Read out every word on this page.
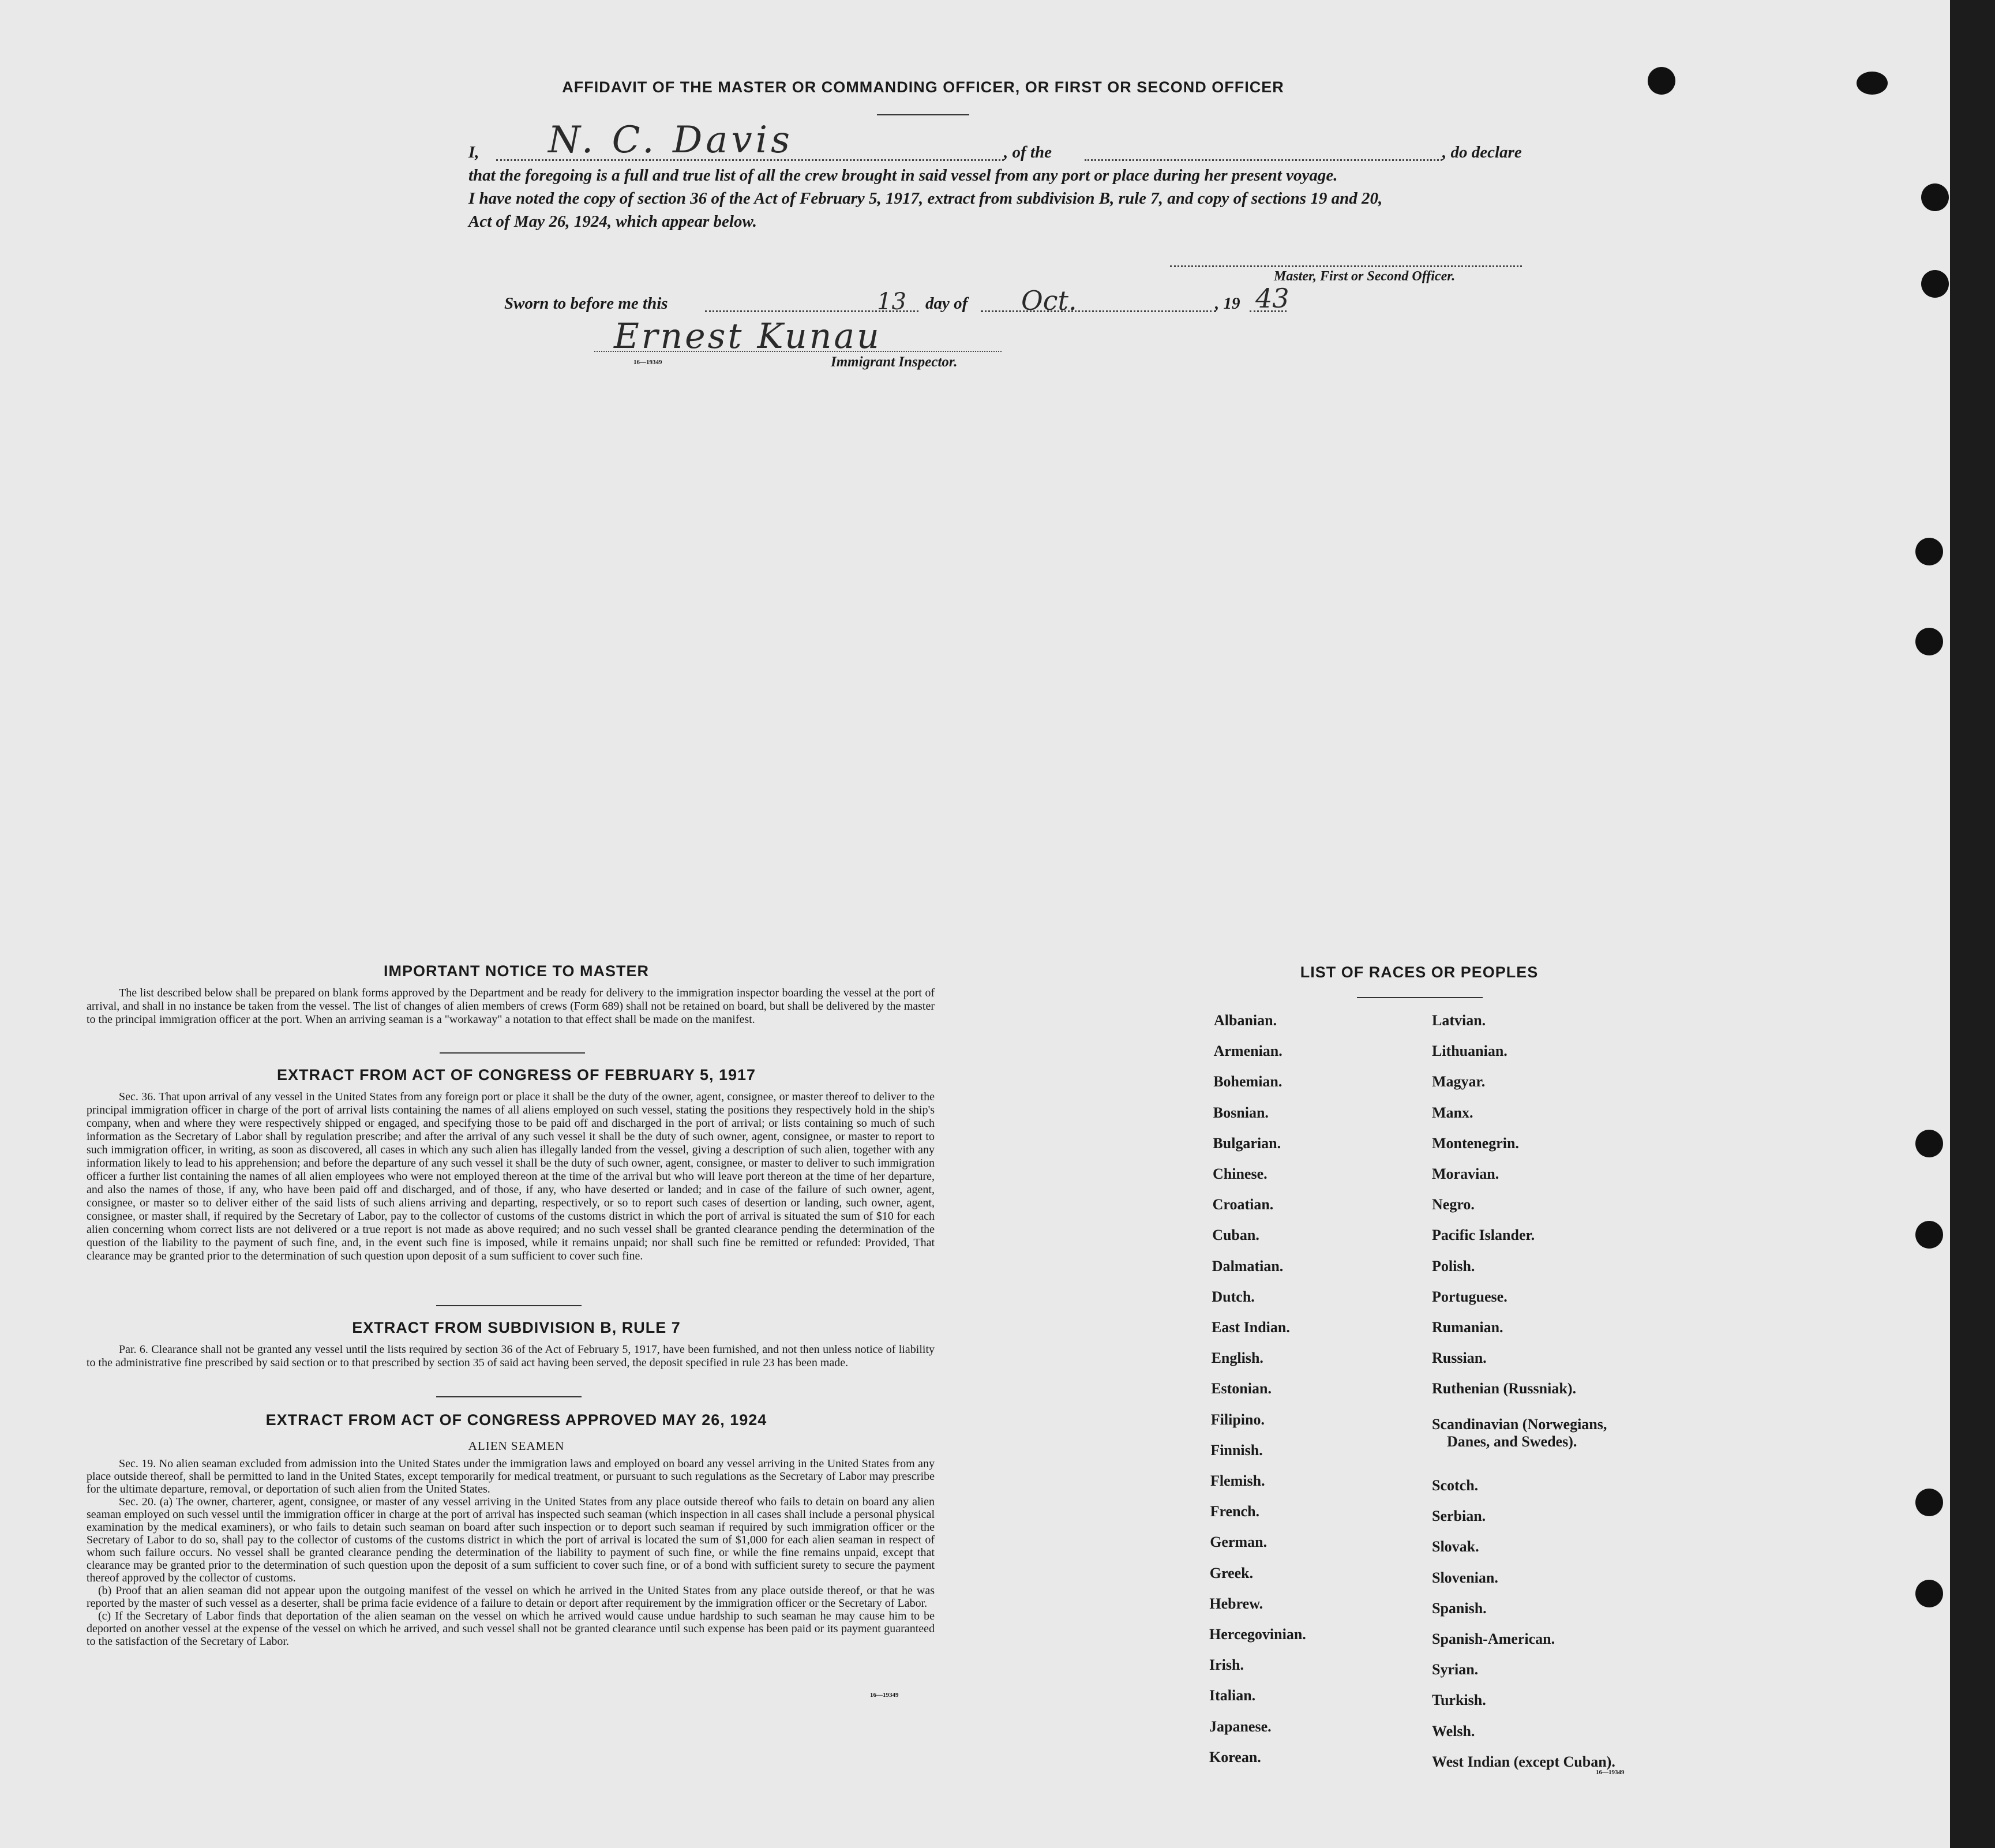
AFFIDAVIT OF THE MASTER OR COMMANDING OFFICER, OR FIRST OR SECOND OFFICER
I, N. C. Davis	, of the	, do declare
that the foregoing is a full and true list of all the crew brought in said vessel from any port or place during her present voyage.
I have noted the copy of section 36 of the Act of February 5, 1917, extract from subdivision B, rule 7, and copy of sections 19 and 20,
Act of May 26, 1924, which appear below.
Master, First or Second Officer.
Sworn to before me this	13 day of Oct.	, 19 43
Ernest Kunau
16—19349	Immigrant Inspector.
IMPORTANT NOTICE TO MASTER

The list described below shall be prepared on blank forms approved by the Department and be ready for delivery to the immigration inspector boarding the vessel at the port of arrival, and shall in no instance be taken from the vessel. The list of changes of alien members of crews (Form 689) shall not be retained on board, but shall be delivered by the master to the principal immigration officer at the port. When an arriving seaman is a "workaway" a notation to that effect shall be made on the manifest.

EXTRACT FROM ACT OF CONGRESS OF FEBRUARY 5, 1917

Sec. 36. That upon arrival of any vessel in the United States from any foreign port or place it shall be the duty of the owner, agent, consignee, or master thereof to deliver to the principal immigration officer in charge of the port of arrival lists containing the names of all aliens employed on such vessel, stating the positions they respectively hold in the ship's company, when and where they were respectively shipped or engaged, and specifying those to be paid off and discharged in the port of arrival; or lists containing so much of such information as the Secretary of Labor shall by regulation prescribe; and after the arrival of any such vessel it shall be the duty of such owner, agent, consignee, or master to report to such immigration officer, in writing, as soon as discovered, all cases in which any such alien has illegally landed from the vessel, giving a description of such alien, together with any information likely to lead to his apprehension; and before the departure of any such vessel it shall be the duty of such owner, agent, consignee, or master to deliver to such immigration officer a further list containing the names of all alien employees who were not employed thereon at the time of the arrival but who will leave port thereon at the time of her departure, and also the names of those, if any, who have been paid off and discharged, and of those, if any, who have deserted or landed; and in case of the failure of such owner, agent, consignee, or master so to deliver either of the said lists of such aliens arriving and departing, respectively, or so to report such cases of desertion or landing, such owner, agent, consignee, or master shall, if required by the Secretary of Labor, pay to the collector of customs of the customs district in which the port of arrival is situated the sum of $10 for each alien concerning whom correct lists are not delivered or a true report is not made as above required; and no such vessel shall be granted clearance pending the determination of the question of the liability to the payment of such fine, and, in the event such fine is imposed, while it remains unpaid; nor shall such fine be remitted or refunded: Provided, That clearance may be granted prior to the determination of such question upon deposit of a sum sufficient to cover such fine.

EXTRACT FROM SUBDIVISION B, RULE 7

Par. 6. Clearance shall not be granted any vessel until the lists required by section 36 of the Act of February 5, 1917, have been furnished, and not then unless notice of liability to the administrative fine prescribed by said section or to that prescribed by section 35 of said act having been served, the deposit specified in rule 23 has been made.

EXTRACT FROM ACT OF CONGRESS APPROVED MAY 26, 1924
ALIEN SEAMEN

Sec. 19. No alien seaman excluded from admission into the United States under the immigration laws and employed on board any vessel arriving in the United States from any place outside thereof, shall be permitted to land in the United States, except temporarily for medical treatment, or pursuant to such regulations as the Secretary of Labor may prescribe for the ultimate departure, removal, or deportation of such alien from the United States.

Sec. 20. (a) The owner, charterer, agent, consignee, or master of any vessel arriving in the United States from any place outside thereof who fails to detain on board any alien seaman employed on such vessel until the immigration officer in charge at the port of arrival has inspected such seaman (which inspection in all cases shall include a personal physical examination by the medical examiners), or who fails to detain such seaman on board after such inspection or to deport such seaman if required by such immigration officer or the Secretary of Labor to do so, shall pay to the collector of customs of the customs district in which the port of arrival is located the sum of $1,000 for each alien seaman in respect of whom such failure occurs. No vessel shall be granted clearance pending the determination of the liability to payment of such fine, or while the fine remains unpaid, except that clearance may be granted prior to the determination of such question upon the deposit of a sum sufficient to cover such fine, or of a bond with sufficient surety to secure the payment thereof approved by the collector of customs.

(b) Proof that an alien seaman did not appear upon the outgoing manifest of the vessel on which he arrived in the United States from any place outside thereof, or that he was reported by the master of such vessel as a deserter, shall be prima facie evidence of a failure to detain or deport after requirement by the immigration officer or the Secretary of Labor.

(c) If the Secretary of Labor finds that deportation of the alien seaman on the vessel on which he arrived would cause undue hardship to such seaman he may cause him to be deported on another vessel at the expense of the vessel on which he arrived, and such vessel shall not be granted clearance until such expense has been paid or its payment guaranteed to the satisfaction of the Secretary of Labor.

16—19349
LIST OF RACES OR PEOPLES
Albanian.
Armenian.
Bohemian.
Bosnian.
Bulgarian.
Chinese.
Croatian.
Cuban.
Dalmatian.
Dutch.
East Indian.
English.
Estonian.
Filipino.
Finnish.
Flemish.
French.
German.
Greek.
Hebrew.
Hercegovinian.
Irish.
Italian.
Japanese.
Korean.
Latvian.
Lithuanian.
Magyar.
Manx.
Montenegrin.
Moravian.
Negro.
Pacific Islander.
Polish.
Portuguese.
Rumanian.
Russian.
Ruthenian (Russniak).
Scandinavian (Norwegians,
Danes, and Swedes).
Scotch.
Serbian.
Slovak.
Slovenian.
Spanish.
Spanish-American.
Syrian.
Turkish.
Welsh.
West Indian (except Cuban).
16—19349
